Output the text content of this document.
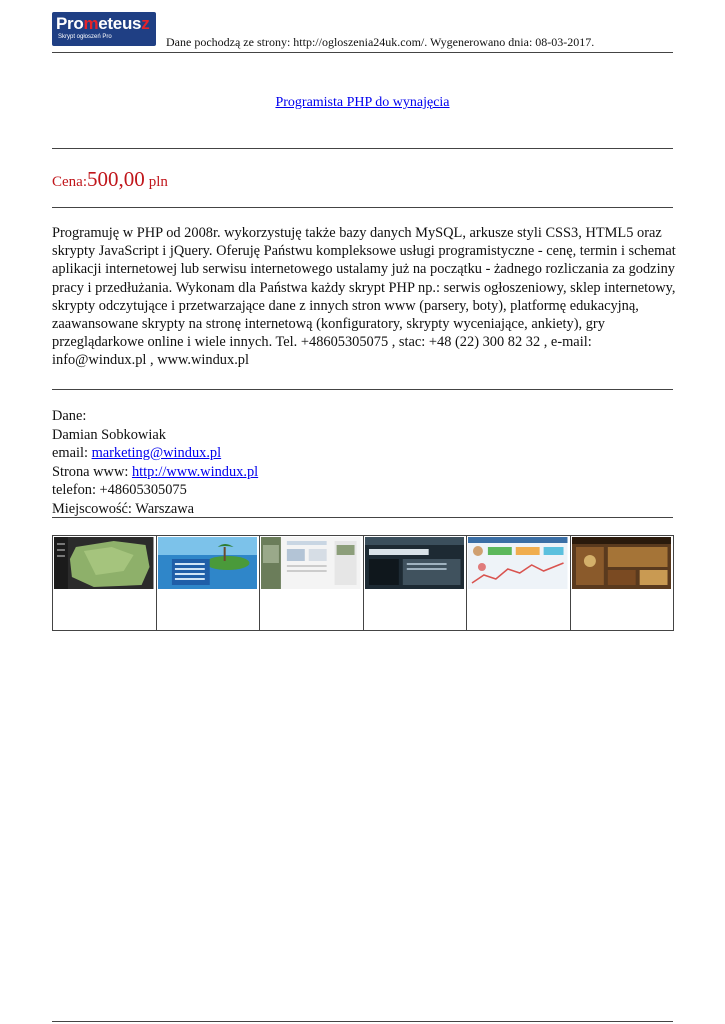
Prometeusz
Skrypt ogłoszeń Pro	Dane pochodzą ze strony: http://ogloszenia24uk.com/. Wygenerowano dnia: 08-03-2017.
Programista PHP do wynajęcia
Cena:500,00 pln
Programuję w PHP od 2008r. wykorzystuję także bazy danych MySQL, arkusze styli CSS3, HTML5 oraz skrypty JavaScript i jQuery. Oferuję Państwu kompleksowe usługi programistyczne - cenę, termin i schemat aplikacji internetowej lub serwisu internetowego ustalamy już na początku - żadnego rozliczania za godziny pracy i przedłużania. Wykonam dla Państwa każdy skrypt PHP np.: serwis ogłoszeniowy, sklep internetowy, skrypty odczytujące i przetwarzające dane z innych stron www (parsery, boty), platformę edukacyjną, zaawansowane skrypty na stronę internetową (konfiguratory, skrypty wyceniające, ankiety), gry przeglądarkowe online i wiele innych. Tel. +48605305075 , stac: +48 (22) 300 82 32 , e-mail: info@windux.pl , www.windux.pl
Dane:
Damian Sobkowiak
email: marketing@windux.pl
Strona www: http://www.windux.pl
telefon: +48605305075
Miejscowość: Warszawa
